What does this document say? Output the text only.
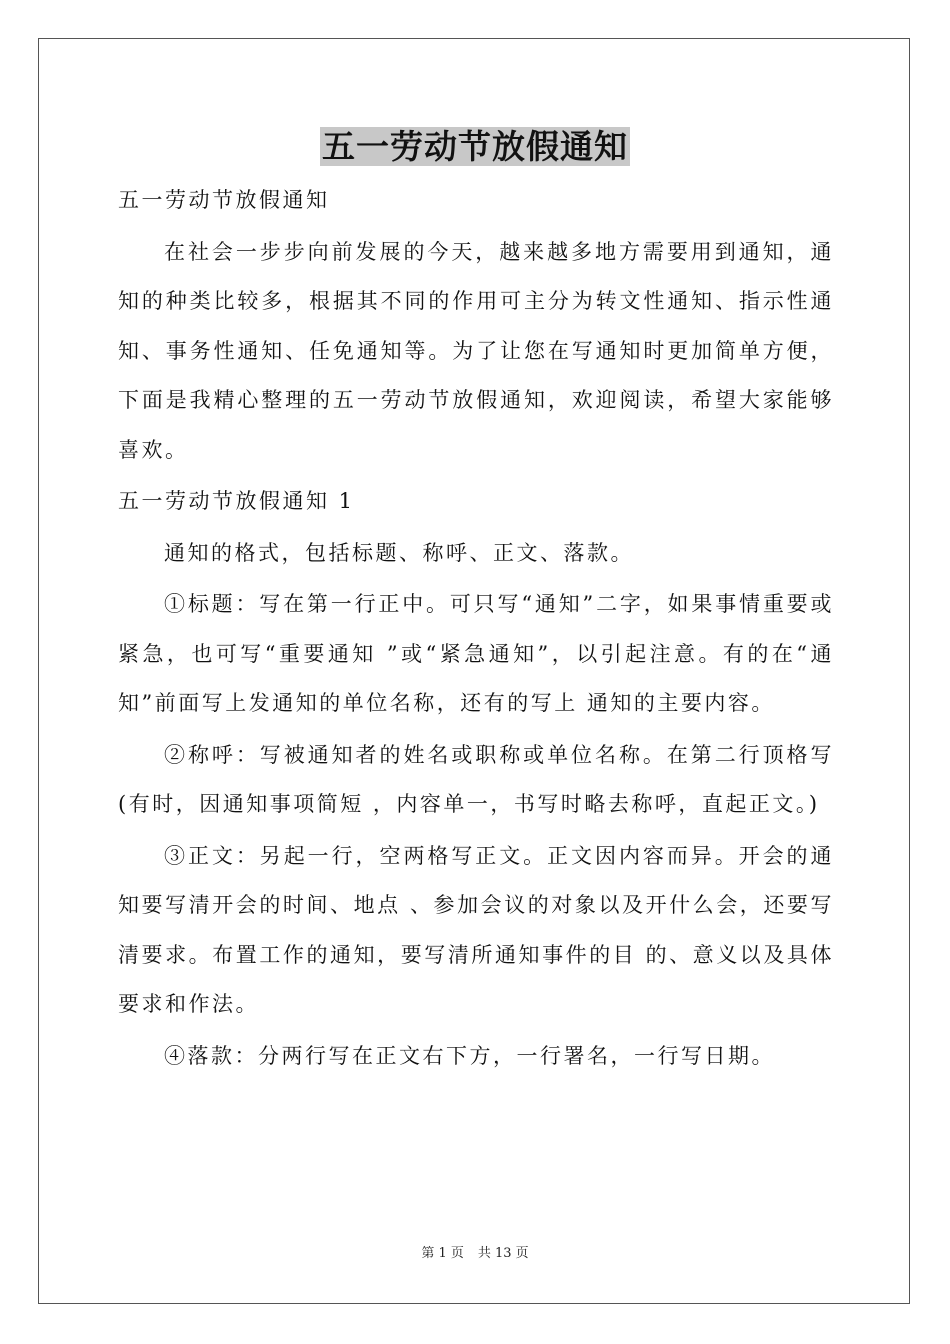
五一劳动节放假通知

五一劳动节放假通知

在社会一步步向前发展的今天，越来越多地方需要用到通知，通知的种类比较多，根据其不同的作用可主分为转文性通知、指示性通知、事务性通知、任免通知等。为了让您在写通知时更加简单方便，下面是我精心整理的五一劳动节放假通知，欢迎阅读，希望大家能够喜欢。

五一劳动节放假通知 1

通知的格式，包括标题、称呼、正文、落款。

①标题：写在第一行正中。可只写“通知”二字，如果事情重要或紧急，也可写“重要通知 ”或“紧急通知”，以引起注意。有的在“通知”前面写上发通知的单位名称，还有的写上 通知的主要内容。

②称呼：写被通知者的姓名或职称或单位名称。在第二行顶格写(有时，因通知事项简短 ，内容单一，书写时略去称呼，直起正文。)

③正文：另起一行，空两格写正文。正文因内容而异。开会的通知要写清开会的时间、地点 、参加会议的对象以及开什么会，还要写清要求。布置工作的通知，要写清所通知事件的目 的、意义以及具体要求和作法。

④落款：分两行写在正文右下方，一行署名，一行写日期。

第 1 页 共 13 页
